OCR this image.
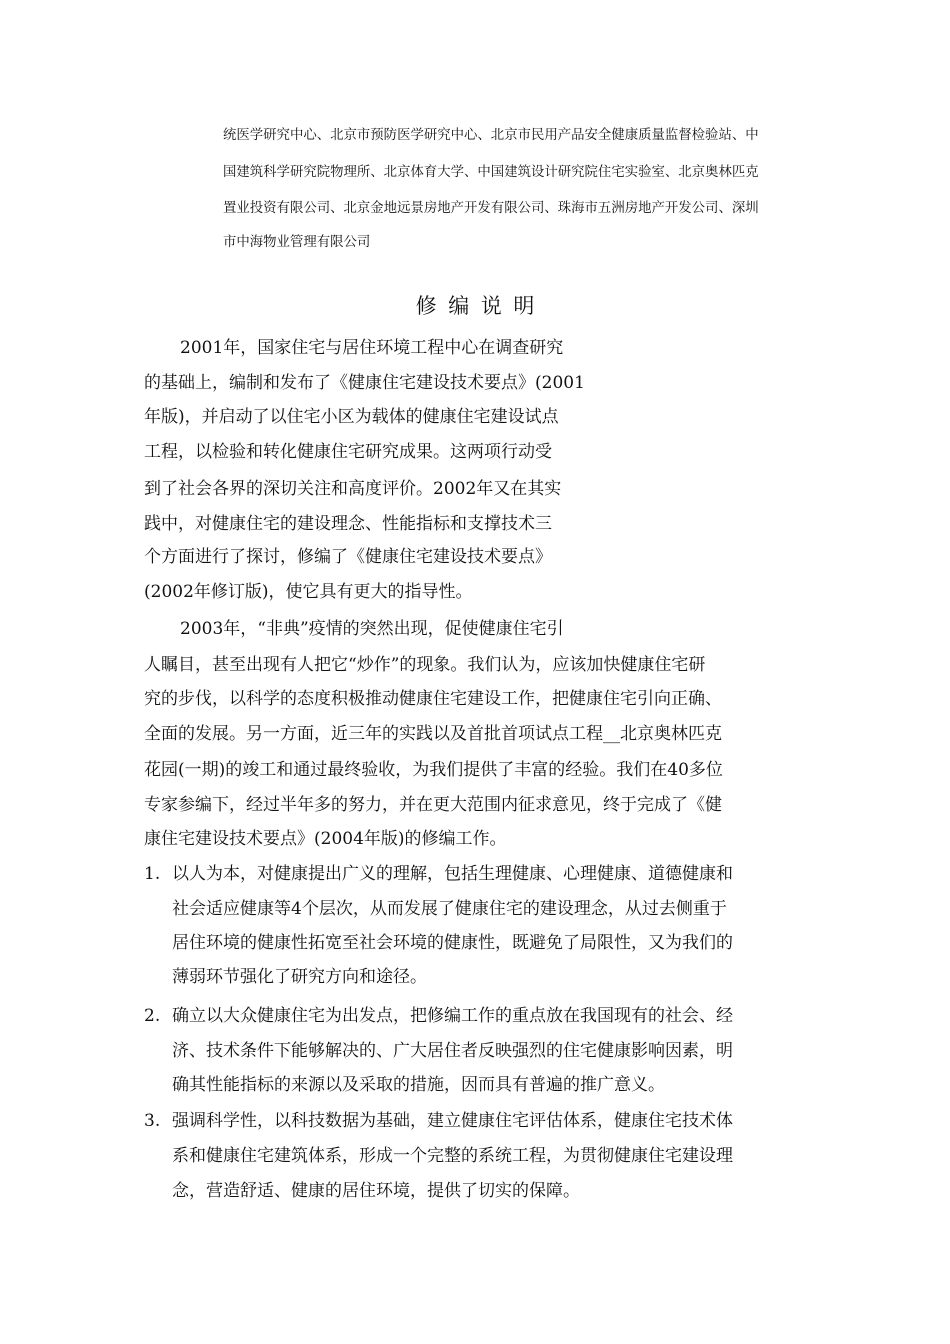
统医学研究中心、北京市预防医学研究中心、北京市民用产品安全健康质量监督检验站、中
国建筑科学研究院物理所、北京体育大学、中国建筑设计研究院住宅实验室、北京奥林匹克
置业投资有限公司、北京金地远景房地产开发有限公司、珠海市五洲房地产开发公司、深圳
市中海物业管理有限公司
修编说明
2001年，国家住宅与居住环境工程中心在调查研究
的基础上，编制和发布了《健康住宅建设技术要点》(2001
年版)，并启动了以住宅小区为载体的健康住宅建设试点
工程，以检验和转化健康住宅研究成果。这两项行动受
到了社会各界的深切关注和高度评价。2002年又在其实
践中，对健康住宅的建设理念、性能指标和支撑技术三
个方面进行了探讨，修编了《健康住宅建设技术要点》
(2002年修订版)，使它具有更大的指导性。
2003年，“非典”疫情的突然出现，促使健康住宅引
人瞩目，甚至出现有人把它“炒作”的现象。我们认为，应该加快健康住宅研
究的步伐，以科学的态度积极推动健康住宅建设工作，把健康住宅引向正确、
全面的发展。另一方面，近三年的实践以及首批首项试点工程__北京奥林匹克
花园(一期)的竣工和通过最终验收，为我们提供了丰富的经验。我们在40多位
专家参编下，经过半年多的努力，并在更大范围内征求意见，终于完成了《健
康住宅建设技术要点》(2004年版)的修编工作。
1. 以人为本，对健康提出广义的理解，包括生理健康、心理健康、道德健康和
社会适应健康等4个层次，从而发展了健康住宅的建设理念，从过去侧重于
居住环境的健康性拓宽至社会环境的健康性，既避免了局限性，又为我们的
薄弱环节强化了研究方向和途径。
2. 确立以大众健康住宅为出发点，把修编工作的重点放在我国现有的社会、经
济、技术条件下能够解决的、广大居住者反映强烈的住宅健康影响因素，明
确其性能指标的来源以及采取的措施，因而具有普遍的推广意义。
3. 强调科学性，以科技数据为基础，建立健康住宅评估体系，健康住宅技术体
系和健康住宅建筑体系，形成一个完整的系统工程，为贯彻健康住宅建设理
念，营造舒适、健康的居住环境，提供了切实的保障。
